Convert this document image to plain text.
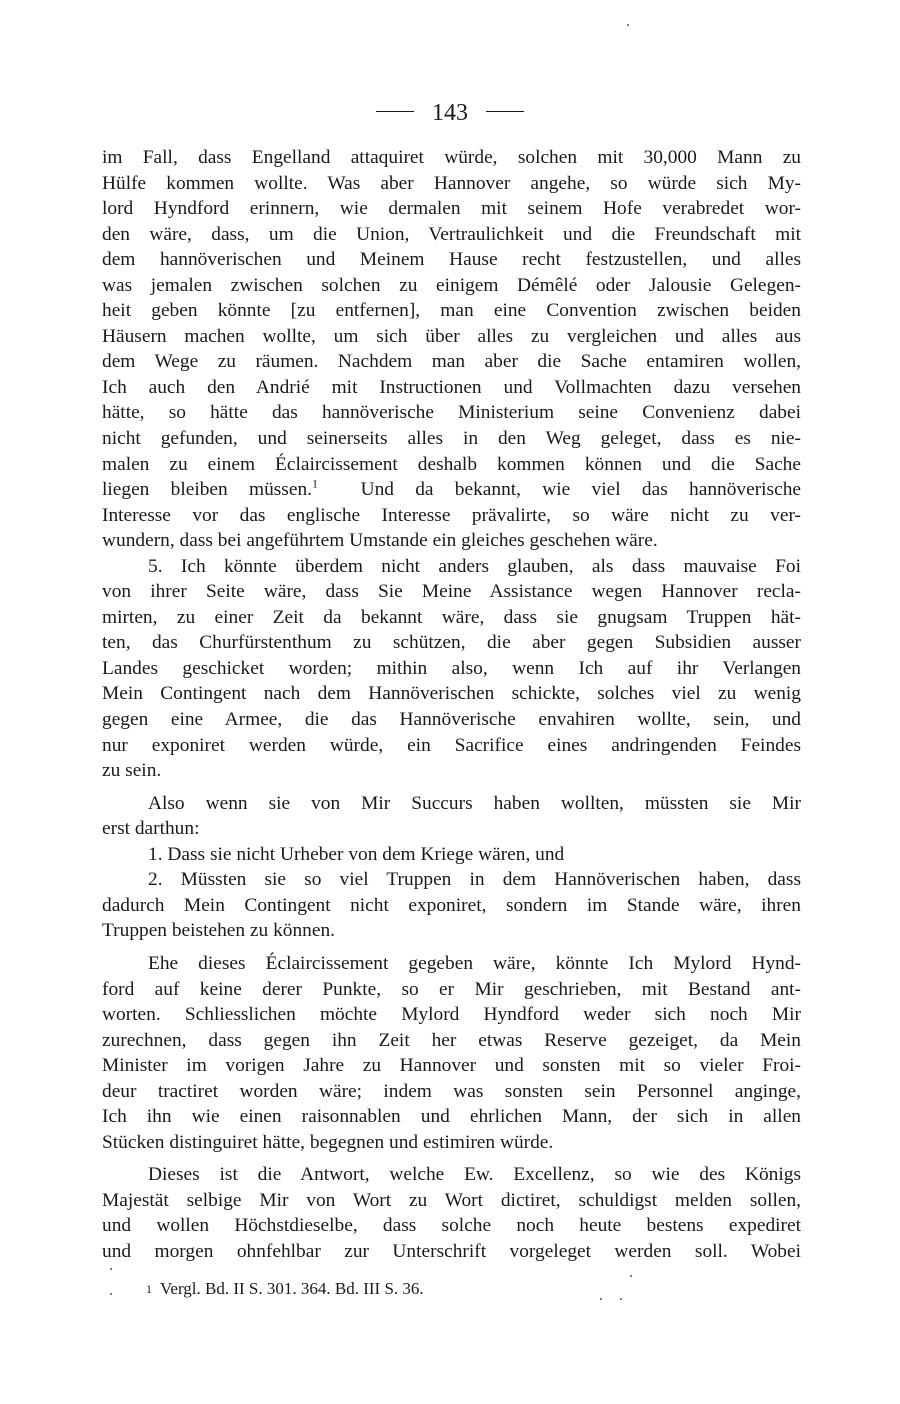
143

im Fall, dass Engelland attaquiret würde, solchen mit 30,000 Mann zu

Hülfe kommen wollte. Was aber Hannover angehe, so würde sich My-

lord Hyndford erinnern, wie dermalen mit seinem Hofe verabredet wor-

den wäre, dass, um die Union, Vertraulichkeit und die Freundschaft mit

dem hannöverischen und Meinem Hause recht festzustellen, und alles

was jemalen zwischen solchen zu einigem Démêlé oder Jalousie Gelegen-

heit geben könnte [zu entfernen], man eine Convention zwischen beiden

Häusern machen wollte, um sich über alles zu vergleichen und alles aus

dem Wege zu räumen. Nachdem man aber die Sache entamiren wollen,

Ich auch den Andrié mit Instructionen und Vollmachten dazu versehen

hätte, so hätte das hannöverische Ministerium seine Convenienz dabei

nicht gefunden, und seinerseits alles in den Weg geleget, dass es nie-

malen zu einem Éclaircissement deshalb kommen können und die Sache

liegen bleiben müssen.$^1$ Und da bekannt, wie viel das hannöverische

Interesse vor das englische Interesse prävalirte, so wäre nicht zu ver-

wundern, dass bei angeführtem Umstande ein gleiches geschehen wäre.

5. Ich könnte überdem nicht anders glauben, als dass mauvaise Foi

von ihrer Seite wäre, dass Sie Meine Assistance wegen Hannover recla-

mirten, zu einer Zeit da bekannt wäre, dass sie gnugsam Truppen hät-

ten, das Churfürstenthum zu schützen, die aber gegen Subsidien ausser

Landes geschicket worden; mithin also, wenn Ich auf ihr Verlangen

Mein Contingent nach dem Hannöverischen schickte, solches viel zu wenig

gegen eine Armee, die das Hannöverische envahiren wollte, sein, und

nur exponiret werden würde, ein Sacrifice eines andringenden Feindes

zu sein.

Also wenn sie von Mir Succurs haben wollten, müssten sie Mir

erst darthun:

1. Dass sie nicht Urheber von dem Kriege wären, und

2. Müssten sie so viel Truppen in dem Hannöverischen haben, dass

dadurch Mein Contingent nicht exponiret, sondern im Stande wäre, ihren

Truppen beistehen zu können.

Ehe dieses Éclaircissement gegeben wäre, könnte Ich Mylord Hynd-

ford auf keine derer Punkte, so er Mir geschrieben, mit Bestand ant-

worten. Schliesslichen möchte Mylord Hyndford weder sich noch Mir

zurechnen, dass gegen ihn Zeit her etwas Reserve gezeiget, da Mein

Minister im vorigen Jahre zu Hannover und sonsten mit so vieler Froi-

deur tractiret worden wäre; indem was sonsten sein Personnel anginge,

Ich ihn wie einen raisonnablen und ehrlichen Mann, der sich in allen

Stücken distinguiret hätte, begegnen und estimiren würde.

Dieses ist die Antwort, welche Ew. Excellenz, so wie des Königs

Majestät selbige Mir von Wort zu Wort dictiret, schuldigst melden sollen,

und wollen Höchstdieselbe, dass solche noch heute bestens expediret

und morgen ohnfehlbar zur Unterschrift vorgeleget werden soll. Wobei

1 Vergl. Bd. II S. 301. 364. Bd. III S. 36.
